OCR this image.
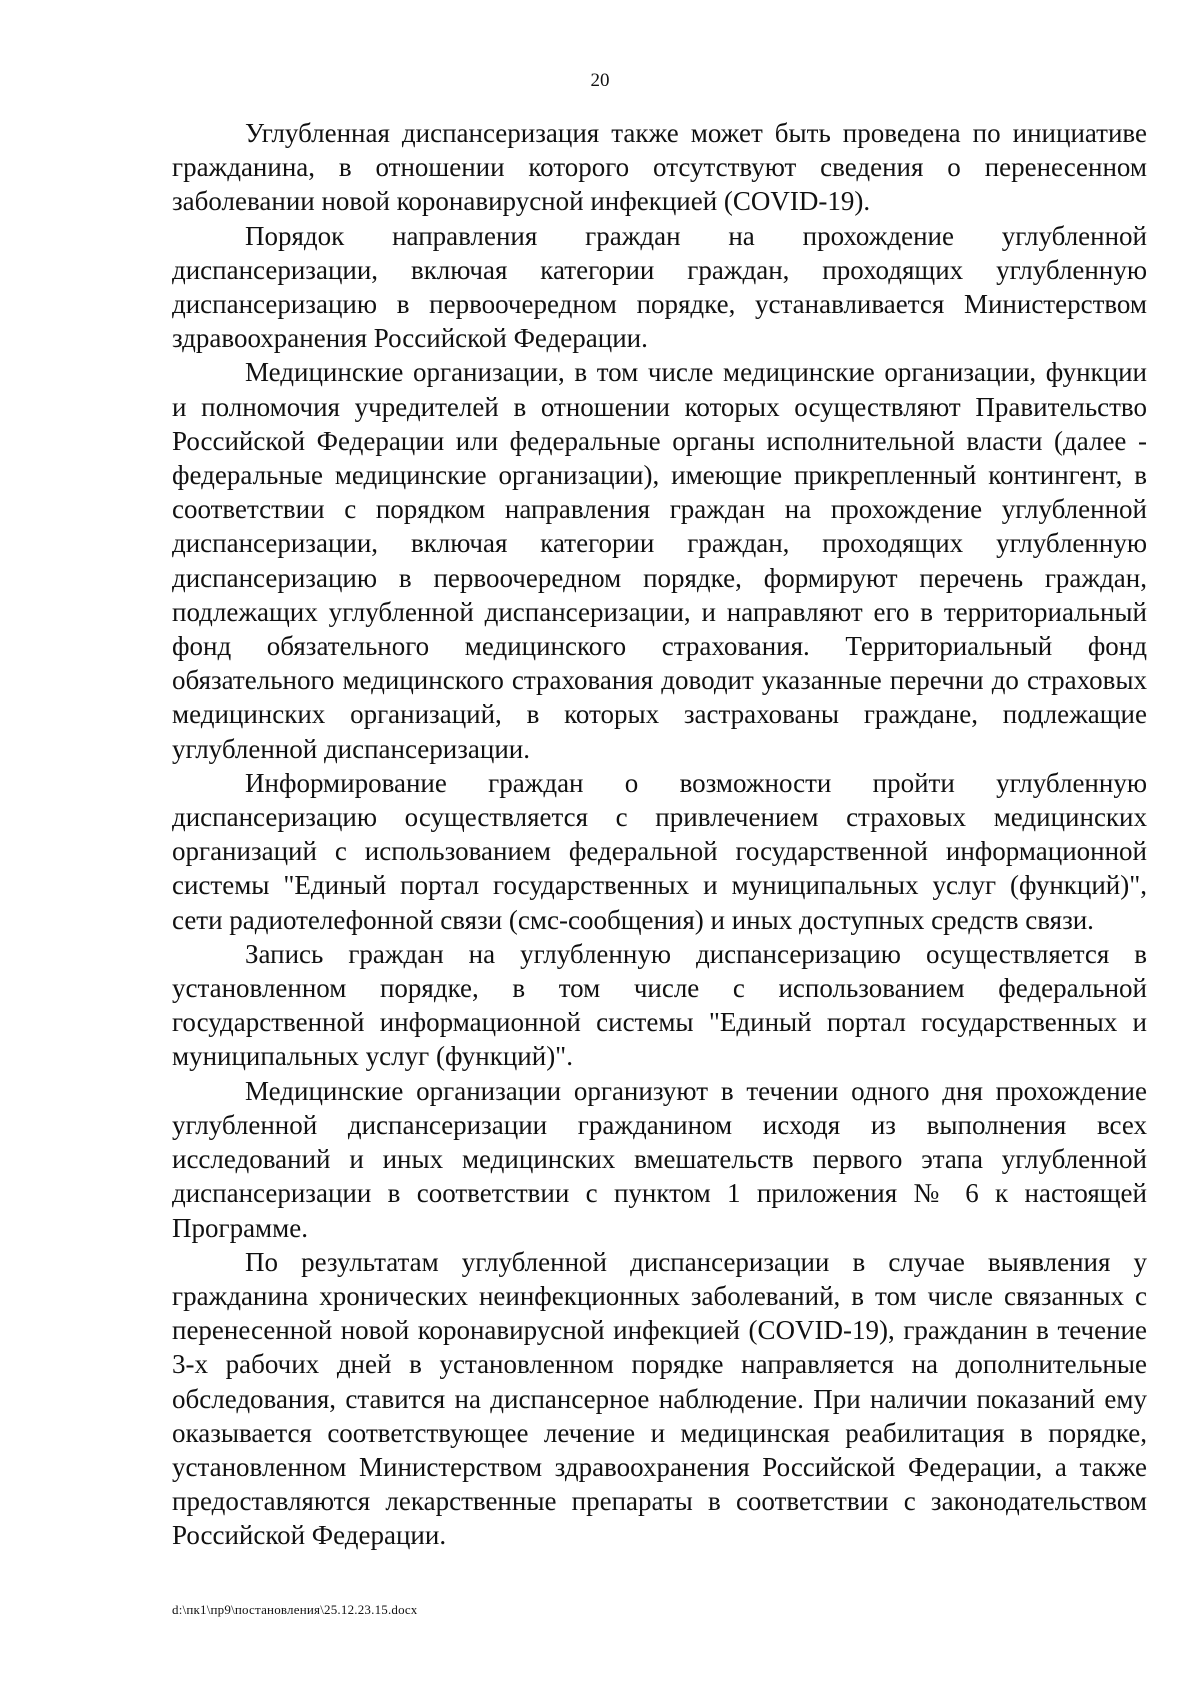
20

Углубленная диспансеризация также может быть проведена по инициативе гражданина, в отношении которого отсутствуют сведения о перенесенном заболевании новой коронавирусной инфекцией (COVID-19).

Порядок направления граждан на прохождение углубленной диспансеризации, включая категории граждан, проходящих углубленную диспансеризацию в первоочередном порядке, устанавливается Министерством здравоохранения Российской Федерации.

Медицинские организации, в том числе медицинские организации, функции и полномочия учредителей в отношении которых осуществляют Правительство Российской Федерации или федеральные органы исполнительной власти (далее - федеральные медицинские организации), имеющие прикрепленный контингент, в соответствии с порядком направления граждан на прохождение углубленной диспансеризации, включая категории граждан, проходящих углубленную диспансеризацию в первоочередном порядке, формируют перечень граждан, подлежащих углубленной диспансеризации, и направляют его в территориальный фонд обязательного медицинского страхования. Территориальный фонд обязательного медицинского страхования доводит указанные перечни до страховых медицинских организаций, в которых застрахованы граждане, подлежащие углубленной диспансеризации.

Информирование граждан о возможности пройти углубленную диспансеризацию осуществляется с привлечением страховых медицинских организаций с использованием федеральной государственной информационной системы "Единый портал государственных и муниципальных услуг (функций)", сети радиотелефонной связи (смс-сообщения) и иных доступных средств связи.

Запись граждан на углубленную диспансеризацию осуществляется в установленном порядке, в том числе с использованием федеральной государственной информационной системы "Единый портал государственных и муниципальных услуг (функций)".

Медицинские организации организуют в течении одного дня прохождение углубленной диспансеризации гражданином исходя из выполнения всех исследований и иных медицинских вмешательств первого этапа углубленной диспансеризации в соответствии с пунктом 1 приложения № 6 к настоящей Программе.

По результатам углубленной диспансеризации в случае выявления у гражданина хронических неинфекционных заболеваний, в том числе связанных с перенесенной новой коронавирусной инфекцией (COVID-19), гражданин в течение 3-х рабочих дней в установленном порядке направляется на дополнительные обследования, ставится на диспансерное наблюдение. При наличии показаний ему оказывается соответствующее лечение и медицинская реабилитация в порядке, установленном Министерством здравоохранения Российской Федерации, а также предоставляются лекарственные препараты в соответствии с законодательством Российской Федерации.

d:\пк1\пр9\постановления\25.12.23.15.docx
